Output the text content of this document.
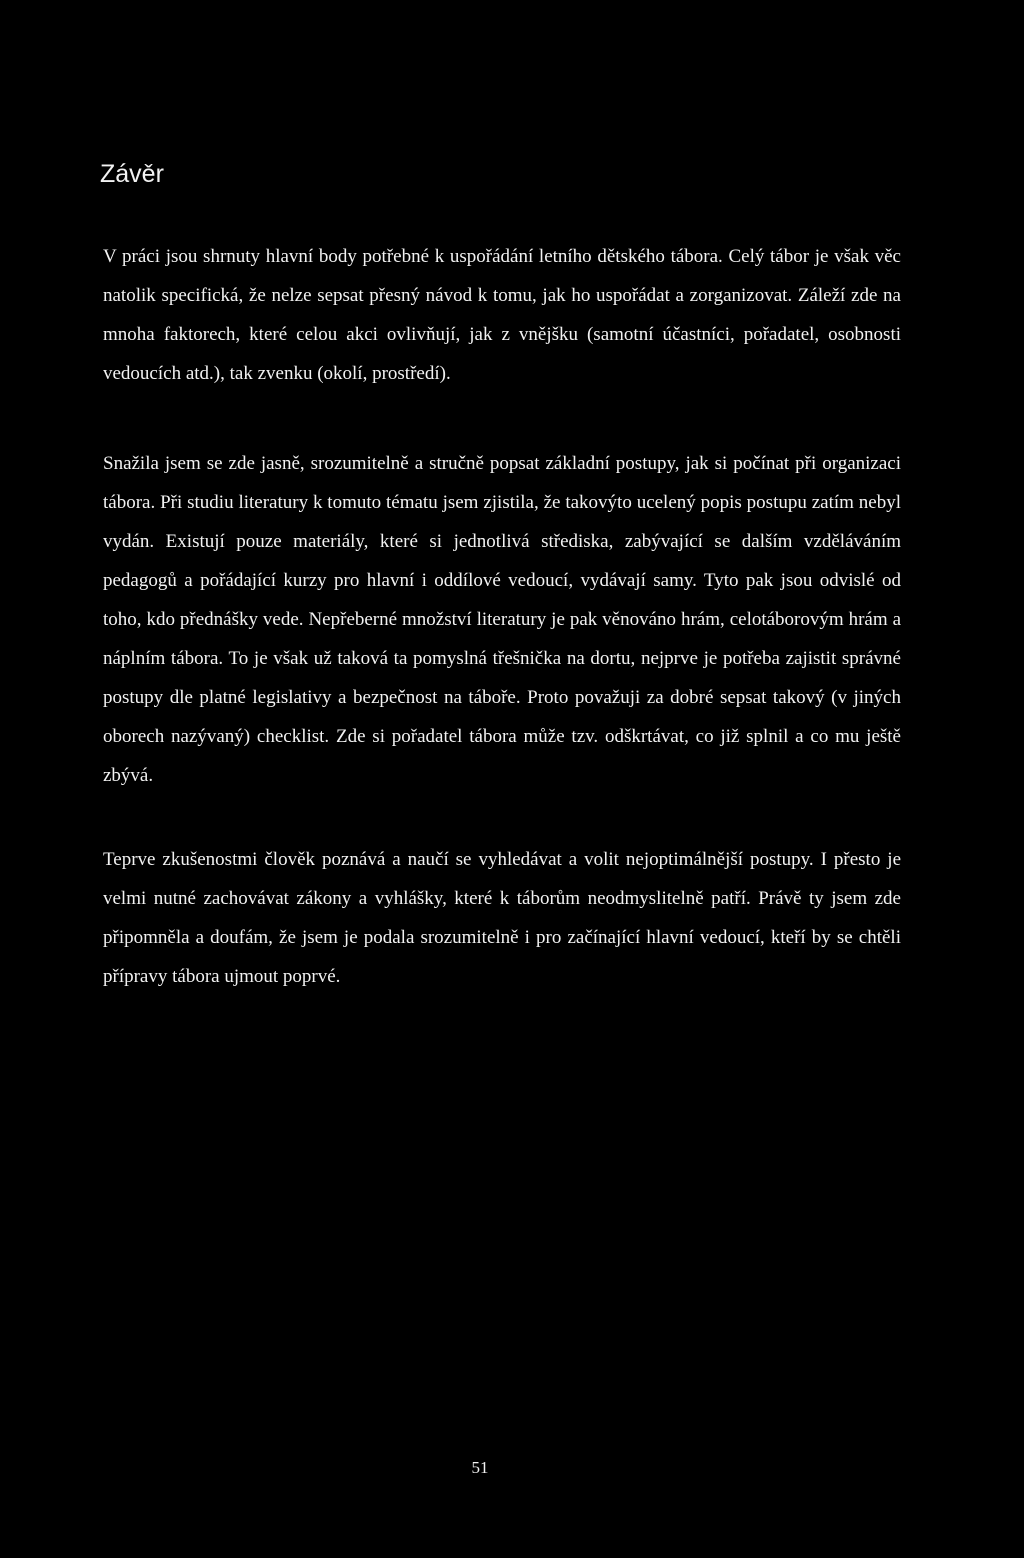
Závěr

V práci jsou shrnuty hlavní body potřebné k uspořádání letního dětského tábora. Celý tábor je však věc natolik specifická, že nelze sepsat přesný návod k tomu, jak ho uspořádat a zorganizovat. Záleží zde na mnoha faktorech, které celou akci ovlivňují, jak z vnějšku (samotní účastníci, pořadatel, osobnosti vedoucích atd.), tak zvenku (okolí, prostředí).

Snažila jsem se zde jasně, srozumitelně a stručně popsat základní postupy, jak si počínat při organizaci tábora. Při studiu literatury k tomuto tématu jsem zjistila, že takovýto ucelený popis postupu zatím nebyl vydán. Existují pouze materiály, které si jednotlivá střediska, zabývající se dalším vzděláváním pedagogů a pořádající kurzy pro hlavní i oddílové vedoucí, vydávají samy. Tyto pak jsou odvislé od toho, kdo přednášky vede. Nepřeberné množství literatury je pak věnováno hrám, celotáborovým hrám a náplním tábora. To je však už taková ta pomyslná třešnička na dortu, nejprve je potřeba zajistit správné postupy dle platné legislativy a bezpečnost na táboře. Proto považuji za dobré sepsat takový (v jiných oborech nazývaný) checklist. Zde si pořadatel tábora může tzv. odškrtávat, co již splnil a co mu ještě zbývá.

Teprve zkušenostmi člověk poznává a naučí se vyhledávat a volit nejoptimálnější postupy. I přesto je velmi nutné zachovávat zákony a vyhlášky, které k táborům neodmyslitelně patří. Právě ty jsem zde připomněla a doufám, že jsem je podala srozumitelně i pro začínající hlavní vedoucí, kteří by se chtěli přípravy tábora ujmout poprvé.

51
